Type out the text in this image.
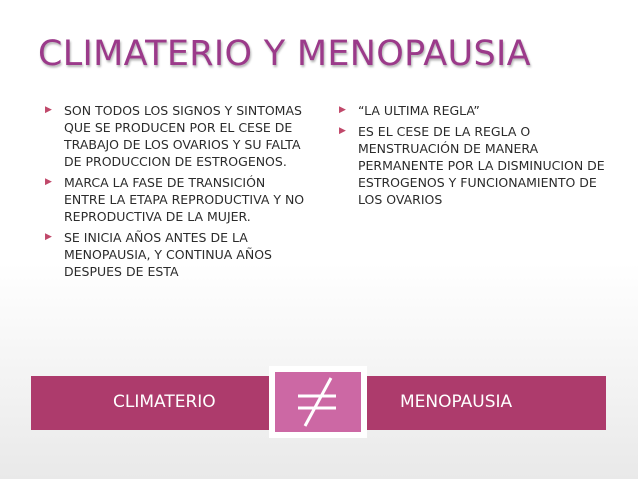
CLIMATERIO Y MENOPAUSIA
▶ SON TODOS LOS SIGNOS Y SINTOMAS QUE SE PRODUCEN POR EL CESE DE TRABAJO DE LOS OVARIOS Y SU FALTA DE PRODUCCION DE ESTROGENOS.
▶ MARCA LA FASE DE TRANSICIÓN ENTRE LA ETAPA REPRODUCTIVA Y NO REPRODUCTIVA DE LA MUJER.
▶ SE INICIA AÑOS ANTES DE LA MENOPAUSIA, Y CONTINUA AÑOS DESPUES DE ESTA
▶ “LA ULTIMA REGLA”
▶ ES EL CESE DE LA REGLA O MENSTRUACIÓN DE MANERA PERMANENTE POR LA DISMINUCION DE ESTROGENOS Y FUNCIONAMIENTO DE LOS OVARIOS
CLIMATERIO	MENOPAUSIA
